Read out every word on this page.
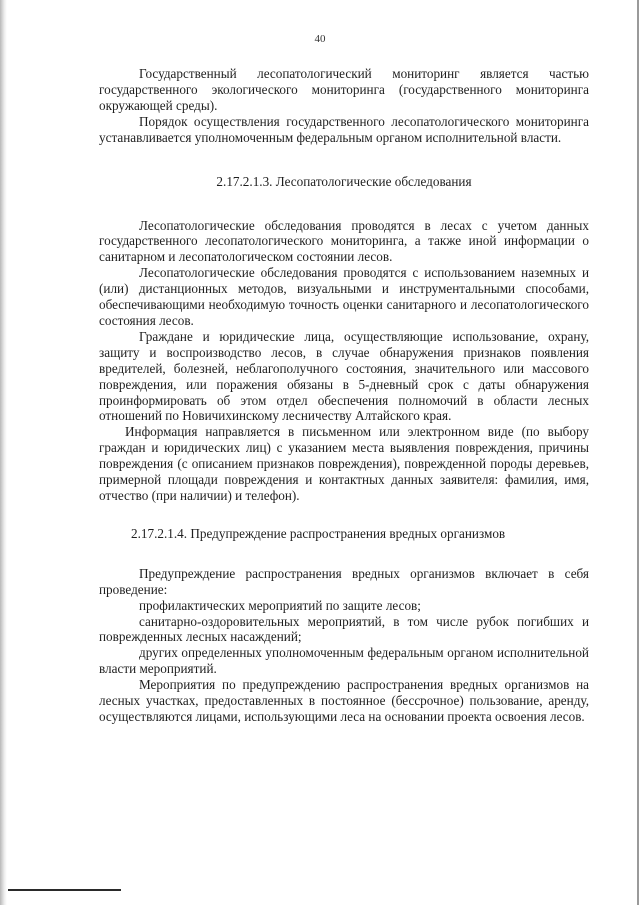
40

Государственный лесопатологический мониторинг является частью государственного экологического мониторинга (государственного мониторинга окружающей среды).

Порядок осуществления государственного лесопатологического мониторинга устанавливается уполномоченным федеральным органом исполнительной власти.

2.17.2.1.3. Лесопатологические обследования

Лесопатологические обследования проводятся в лесах с учетом данных государственного лесопатологического мониторинга, а также иной информации о санитарном и лесопатологическом состоянии лесов.

Лесопатологические обследования проводятся с использованием наземных и (или) дистанционных методов, визуальными и инструментальными способами, обеспечивающими необходимую точность оценки санитарного и лесопатологического состояния лесов.

Граждане и юридические лица, осуществляющие использование, охрану, защиту и воспроизводство лесов, в случае обнаружения признаков появления вредителей, болезней, неблагополучного состояния, значительного или массового повреждения, или поражения обязаны в 5-дневный срок с даты обнаружения проинформировать об этом отдел обеспечения полномочий в области лесных отношений по Новичихинскому лесничеству Алтайского края.

Информация направляется в письменном или электронном виде (по выбору граждан и юридических лиц) с указанием места выявления повреждения, причины повреждения (с описанием признаков повреждения), поврежденной породы деревьев, примерной площади повреждения и контактных данных заявителя: фамилия, имя, отчество (при наличии) и телефон).

2.17.2.1.4. Предупреждение распространения вредных организмов

Предупреждение распространения вредных организмов включает в себя проведение:

профилактических мероприятий по защите лесов;

санитарно-оздоровительных мероприятий, в том числе рубок погибших и поврежденных лесных насаждений;

других определенных уполномоченным федеральным органом исполнительной власти мероприятий.

Мероприятия по предупреждению распространения вредных организмов на лесных участках, предоставленных в постоянное (бессрочное) пользование, аренду, осуществляются лицами, использующими леса на основании проекта освоения лесов.
